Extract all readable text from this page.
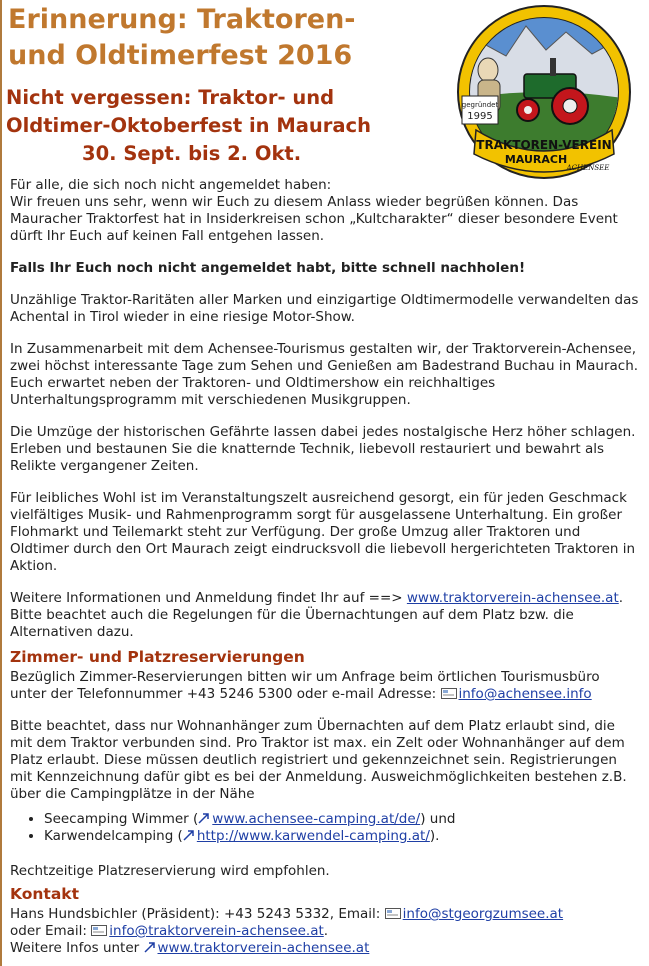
Erinnerung: Traktoren-
und Oldtimerfest 2016
Nicht vergessen: Traktor- und
Oldtimer-Oktoberfest in Maurach
30. Sept. bis 2. Okt.
gegründet
1995
TRAKTOREN-VEREIN
MAURACH
ACHENSEE

Für alle, die sich noch nicht angemeldet haben:
Wir freuen uns sehr, wenn wir Euch zu diesem Anlass wieder begrüßen können. Das Mauracher Traktorfest hat in Insiderkreisen schon „Kultcharakter“ dieser besondere Event dürft Ihr Euch auf keinen Fall entgehen lassen.

Falls Ihr Euch noch nicht angemeldet habt, bitte schnell nachholen!

Unzählige Traktor-Raritäten aller Marken und einzigartige Oldtimermodelle verwandelten das Achental in Tirol wieder in eine riesige Motor-Show.

In Zusammenarbeit mit dem Achensee-Tourismus gestalten wir, der Traktorverein-Achensee, zwei höchst interessante Tage zum Sehen und Genießen am Badestrand Buchau in Maurach. Euch erwartet neben der Traktoren- und Oldtimershow ein reichhaltiges Unterhaltungsprogramm mit verschiedenen Musikgruppen.

Die Umzüge der historischen Gefährte lassen dabei jedes nostalgische Herz höher schlagen. Erleben und bestaunen Sie die knatternde Technik, liebevoll restauriert und bewahrt als Relikte vergangener Zeiten.

Für leibliches Wohl ist im Veranstaltungszelt ausreichend gesorgt, ein für jeden Geschmack vielfältiges Musik- und Rahmenprogramm sorgt für ausgelassene Unterhaltung. Ein großer Flohmarkt und Teilemarkt steht zur Verfügung. Der große Umzug aller Traktoren und Oldtimer durch den Ort Maurach zeigt eindrucksvoll die liebevoll hergerichteten Traktoren in Aktion.

Weitere Informationen und Anmeldung findet Ihr auf ==> www.traktorverein-achensee.at. Bitte beachtet auch die Regelungen für die Übernachtungen auf dem Platz bzw. die Alternativen dazu.

Zimmer- und Platzreservierungen

Bezüglich Zimmer-Reservierungen bitten wir um Anfrage beim örtlichen Tourismusbüro unter der Telefonnummer +43 5246 5300 oder e-mail Adresse: info@achensee.info

Bitte beachtet, dass nur Wohnanhänger zum Übernachten auf dem Platz erlaubt sind, die mit dem Traktor verbunden sind. Pro Traktor ist max. ein Zelt oder Wohnanhänger auf dem Platz erlaubt. Diese müssen deutlich registriert und gekennzeichnet sein. Registrierungen mit Kennzeichnung dafür gibt es bei der Anmeldung. Ausweichmöglichkeiten bestehen z.B. über die Campingplätze in der Nähe

• Seecamping Wimmer ( www.achensee-camping.at/de/) und
• Karwendelcamping ( http://www.karwendel-camping.at/).

Rechtzeitige Platzreservierung wird empfohlen.

Kontakt
Hans Hundsbichler (Präsident): +43 5243 5332, Email: info@stgeorgzumsee.at
oder Email: info@traktorverein-achensee.at.
Weitere Infos unter www.traktorverein-achensee.at
